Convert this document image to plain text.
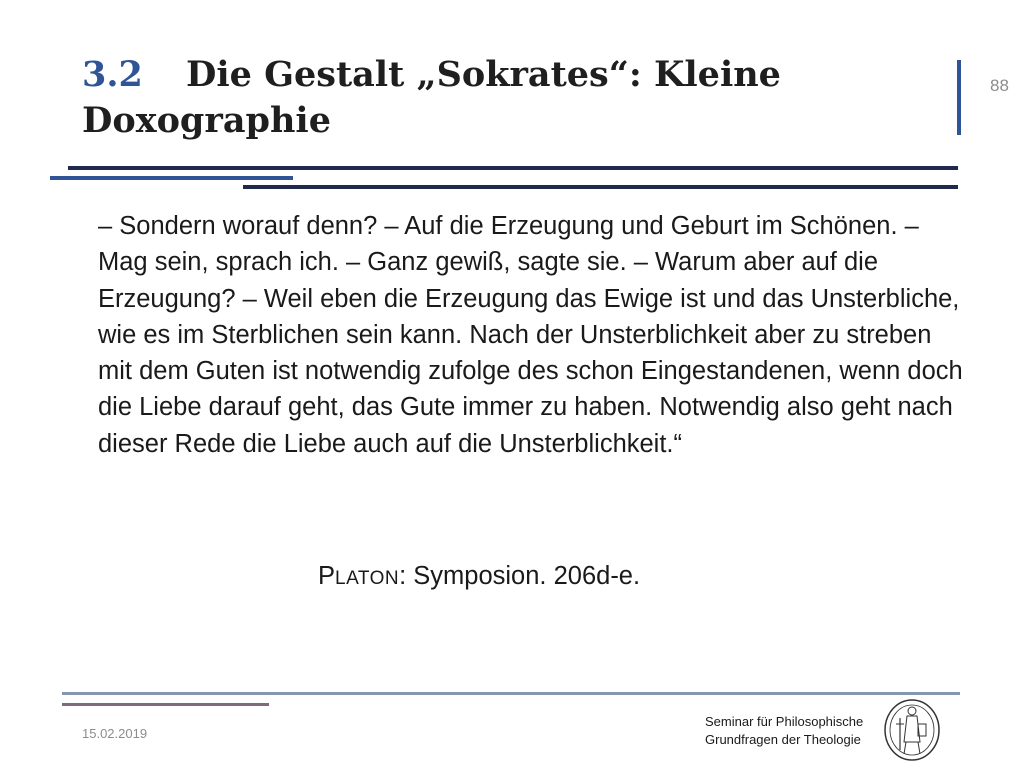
3.2 Die Gestalt „Sokrates“: Kleine Doxographie
88

– Sondern worauf denn? – Auf die Erzeugung und Geburt im Schönen. – Mag sein, sprach ich. – Ganz gewiß, sagte sie. – Warum aber auf die Erzeugung? – Weil eben die Erzeugung das Ewige ist und das Unsterbliche, wie es im Sterblichen sein kann. Nach der Unsterblichkeit aber zu streben mit dem Guten ist notwendig zufolge des schon Eingestandenen, wenn doch die Liebe darauf geht, das Gute immer zu haben. Notwendig also geht nach dieser Rede die Liebe auch auf die Unsterblichkeit.“

PLATON: Symposion. 206d-e.
15.02.2019
Seminar für Philosophische
Grundfragen der Theologie
